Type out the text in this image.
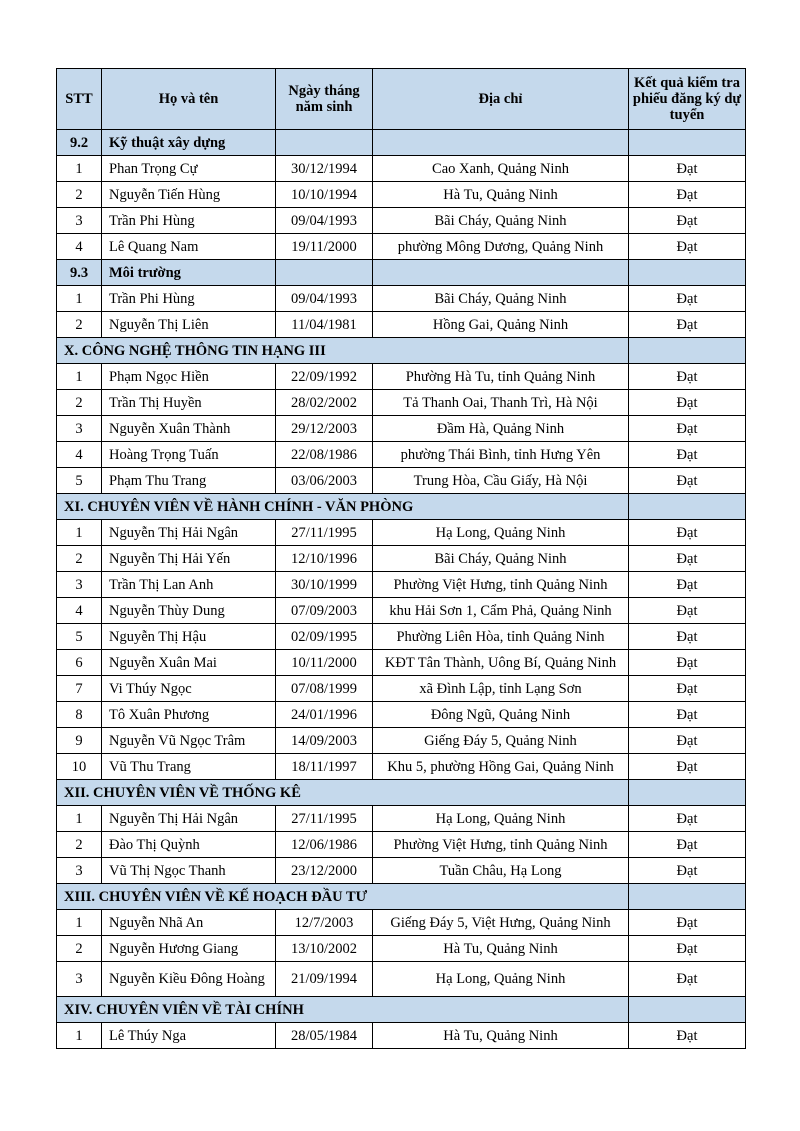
STT	Họ và tên	Ngày tháng năm sinh	Địa chỉ	Kết quả kiểm tra phiếu đăng ký dự tuyển
9.2	Kỹ thuật xây dựng			
1	Phan Trọng Cự	30/12/1994	Cao Xanh, Quảng Ninh	Đạt
2	Nguyễn Tiến Hùng	10/10/1994	Hà Tu, Quảng Ninh	Đạt
3	Trần Phi Hùng	09/04/1993	Bãi Cháy, Quảng Ninh	Đạt
4	Lê Quang Nam	19/11/2000	phường Mông Dương, Quảng Ninh	Đạt
9.3	Môi trường			
1	Trần Phi Hùng	09/04/1993	Bãi Cháy, Quảng Ninh	Đạt
2	Nguyễn Thị Liên	11/04/1981	Hồng Gai, Quảng Ninh	Đạt
X. CÔNG NGHỆ THÔNG TIN HẠNG III				
1	Phạm Ngọc Hiền	22/09/1992	Phường Hà Tu, tỉnh Quảng Ninh	Đạt
2	Trần Thị Huyền	28/02/2002	Tả Thanh Oai, Thanh Trì, Hà Nội	Đạt
3	Nguyễn Xuân Thành	29/12/2003	Đầm Hà, Quảng Ninh	Đạt
4	Hoàng Trọng Tuấn	22/08/1986	phường Thái Bình, tỉnh Hưng Yên	Đạt
5	Phạm Thu Trang	03/06/2003	Trung Hòa, Cầu Giấy, Hà Nội	Đạt
XI. CHUYÊN VIÊN VỀ HÀNH CHÍNH - VĂN PHÒNG				
1	Nguyễn Thị Hải Ngân	27/11/1995	Hạ Long, Quảng Ninh	Đạt
2	Nguyễn Thị Hải Yến	12/10/1996	Bãi Cháy, Quảng Ninh	Đạt
3	Trần Thị Lan Anh	30/10/1999	Phường Việt Hưng, tỉnh Quảng Ninh	Đạt
4	Nguyễn Thùy Dung	07/09/2003	khu Hải Sơn 1, Cẩm Phả, Quảng Ninh	Đạt
5	Nguyễn Thị Hậu	02/09/1995	Phường Liên Hòa, tỉnh Quảng Ninh	Đạt
6	Nguyễn Xuân Mai	10/11/2000	KĐT Tân Thành, Uông Bí, Quảng Ninh	Đạt
7	Vi Thúy Ngọc	07/08/1999	xã Đình Lập, tỉnh Lạng Sơn	Đạt
8	Tô Xuân Phương	24/01/1996	Đông Ngũ, Quảng Ninh	Đạt
9	Nguyễn Vũ Ngọc Trâm	14/09/2003	Giếng Đáy 5, Quảng Ninh	Đạt
10	Vũ Thu Trang	18/11/1997	Khu 5, phường Hồng Gai, Quảng Ninh	Đạt
XII. CHUYÊN VIÊN VỀ THỐNG KÊ				
1	Nguyễn Thị Hải Ngân	27/11/1995	Hạ Long, Quảng Ninh	Đạt
2	Đào Thị Quỳnh	12/06/1986	Phường Việt Hưng, tỉnh Quảng Ninh	Đạt
3	Vũ Thị Ngọc Thanh	23/12/2000	Tuần Châu, Hạ Long	Đạt
XIII. CHUYÊN VIÊN VỀ KẾ HOẠCH ĐẦU TƯ				
1	Nguyễn Nhã An	12/7/2003	Giếng Đáy 5, Việt Hưng, Quảng Ninh	Đạt
2	Nguyễn Hương Giang	13/10/2002	Hà Tu, Quảng Ninh	Đạt
3	Nguyễn Kiều Đông Hoàng	21/09/1994	Hạ Long, Quảng Ninh	Đạt
XIV. CHUYÊN VIÊN VỀ TÀI CHÍNH				
1	Lê Thúy Nga	28/05/1984	Hà Tu, Quảng Ninh	Đạt
